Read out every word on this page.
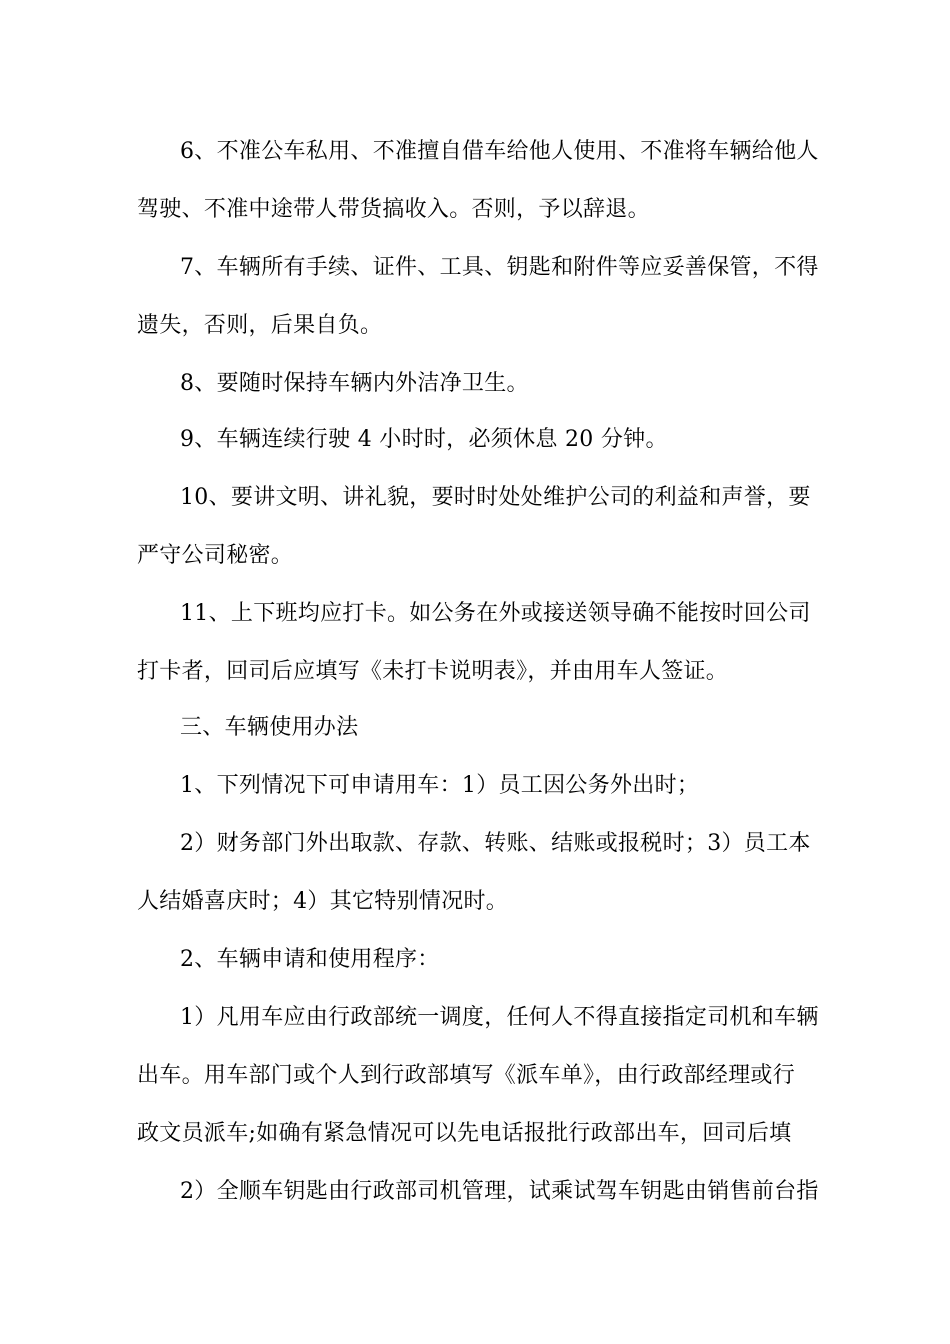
6、不准公车私用、不准擅自借车给他人使用、不准将车辆给他人
驾驶、不准中途带人带货搞收入。否则，予以辞退。
7、车辆所有手续、证件、工具、钥匙和附件等应妥善保管，不得
遗失，否则，后果自负。
8、要随时保持车辆内外洁净卫生。
9、车辆连续行驶 4 小时时，必须休息 20 分钟。
10、要讲文明、讲礼貌，要时时处处维护公司的利益和声誉，要
严守公司秘密。
11、上下班均应打卡。如公务在外或接送领导确不能按时回公司
打卡者，回司后应填写《未打卡说明表》，并由用车人签证。
三、车辆使用办法
1、下列情况下可申请用车：1）员工因公务外出时；
2）财务部门外出取款、存款、转账、结账或报税时；3）员工本
人结婚喜庆时；4）其它特别情况时。
2、车辆申请和使用程序：
1）凡用车应由行政部统一调度，任何人不得直接指定司机和车辆
出车。用车部门或个人到行政部填写《派车单》，由行政部经理或行
政文员派车;如确有紧急情况可以先电话报批行政部出车，回司后填
2）全顺车钥匙由行政部司机管理，试乘试驾车钥匙由销售前台指
